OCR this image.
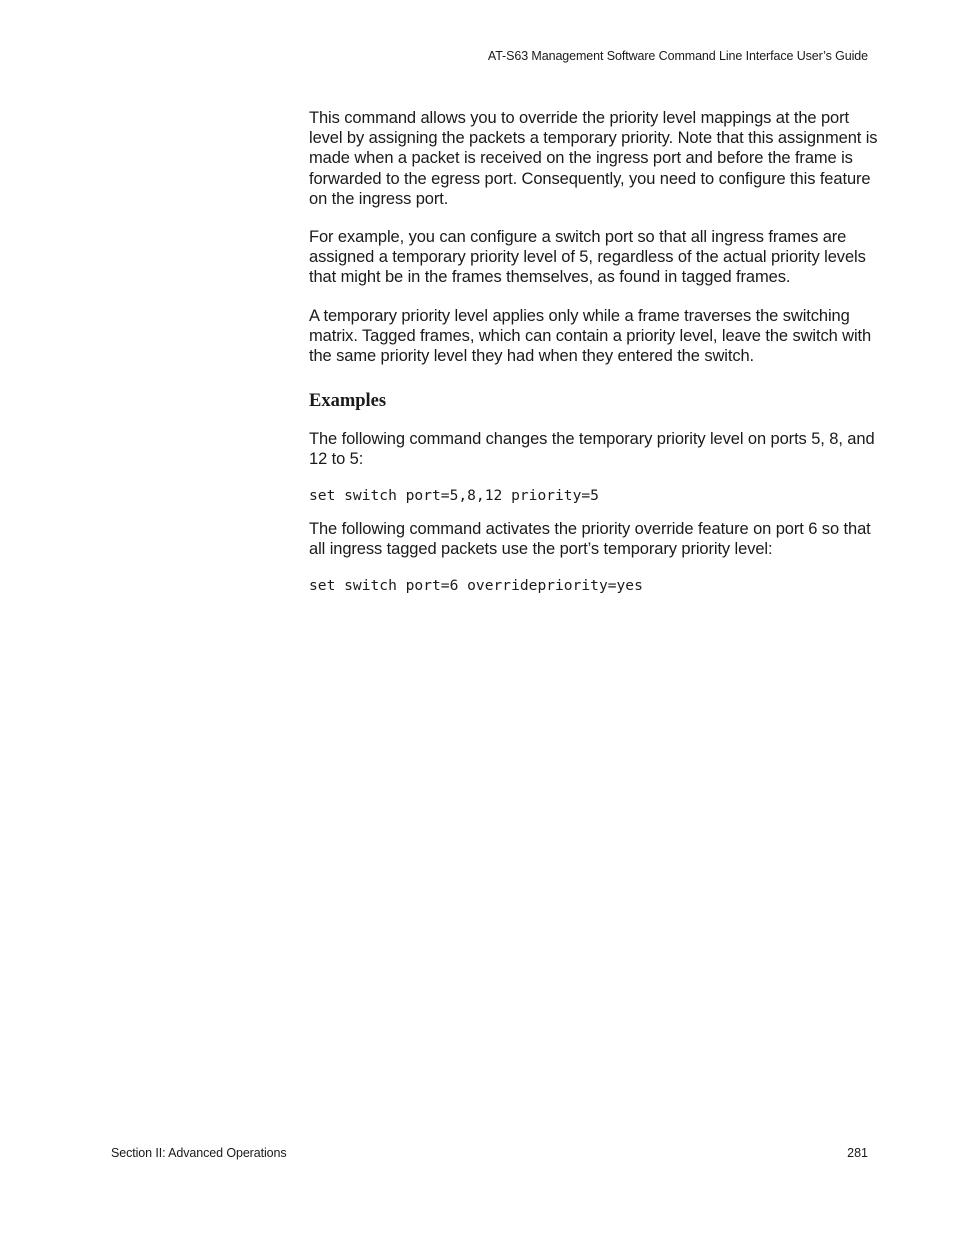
AT-S63 Management Software Command Line Interface User’s Guide

This command allows you to override the priority level mappings at the port level by assigning the packets a temporary priority. Note that this assignment is made when a packet is received on the ingress port and before the frame is forwarded to the egress port. Consequently, you need to configure this feature on the ingress port.

For example, you can configure a switch port so that all ingress frames are assigned a temporary priority level of 5, regardless of the actual priority levels that might be in the frames themselves, as found in tagged frames.

A temporary priority level applies only while a frame traverses the switching matrix. Tagged frames, which can contain a priority level, leave the switch with the same priority level they had when they entered the switch.

Examples

The following command changes the temporary priority level on ports 5, 8, and 12 to 5:

set switch port=5,8,12 priority=5

The following command activates the priority override feature on port 6 so that all ingress tagged packets use the port’s temporary priority level:

set switch port=6 overridepriority=yes
Section II: Advanced Operations	281
